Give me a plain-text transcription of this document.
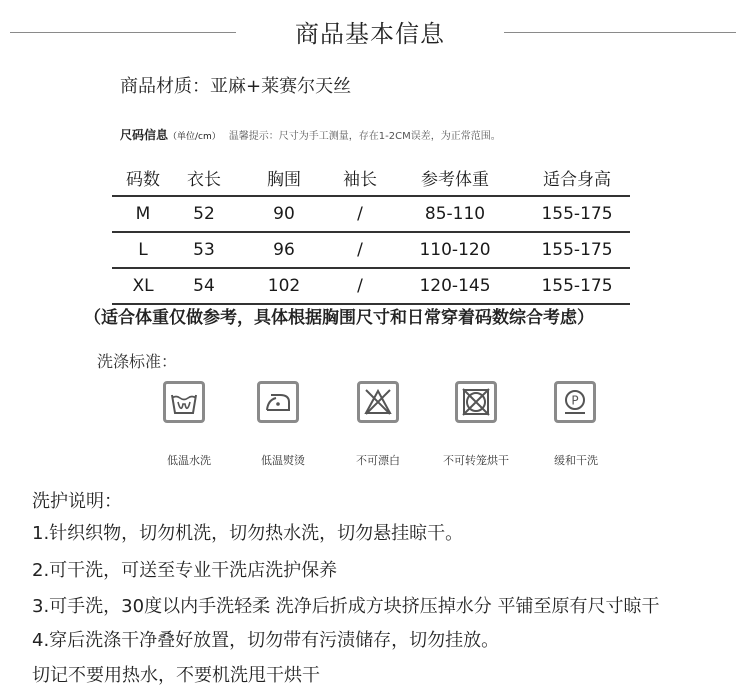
商品基本信息
商品材质：亚麻+莱赛尔天丝
尺码信息（单位/cm） 温馨提示：尺寸为手工测量，存在1-2CM误差，为正常范围。
码数	衣长	胸围	袖长	参考体重	适合身高
M	52	90	/	85-110	155-175
L	53	96	/	110-120	155-175
XL	54	102	/	120-145	155-175
（适合体重仅做参考，具体根据胸围尺寸和日常穿着码数综合考虑）
洗涤标准：
低温水洗	低温熨烫	不可漂白	不可转笼烘干
P
缓和干洗
洗护说明：
1.针织织物，切勿机洗，切勿热水洗，切勿悬挂晾干。
2.可干洗，可送至专业干洗店洗护保养
3.可手洗，30度以内手洗轻柔 洗净后折成方块挤压掉水分 平铺至原有尺寸晾干
4.穿后洗涤干净叠好放置，切勿带有污渍储存，切勿挂放。
切记不要用热水，不要机洗甩干烘干
